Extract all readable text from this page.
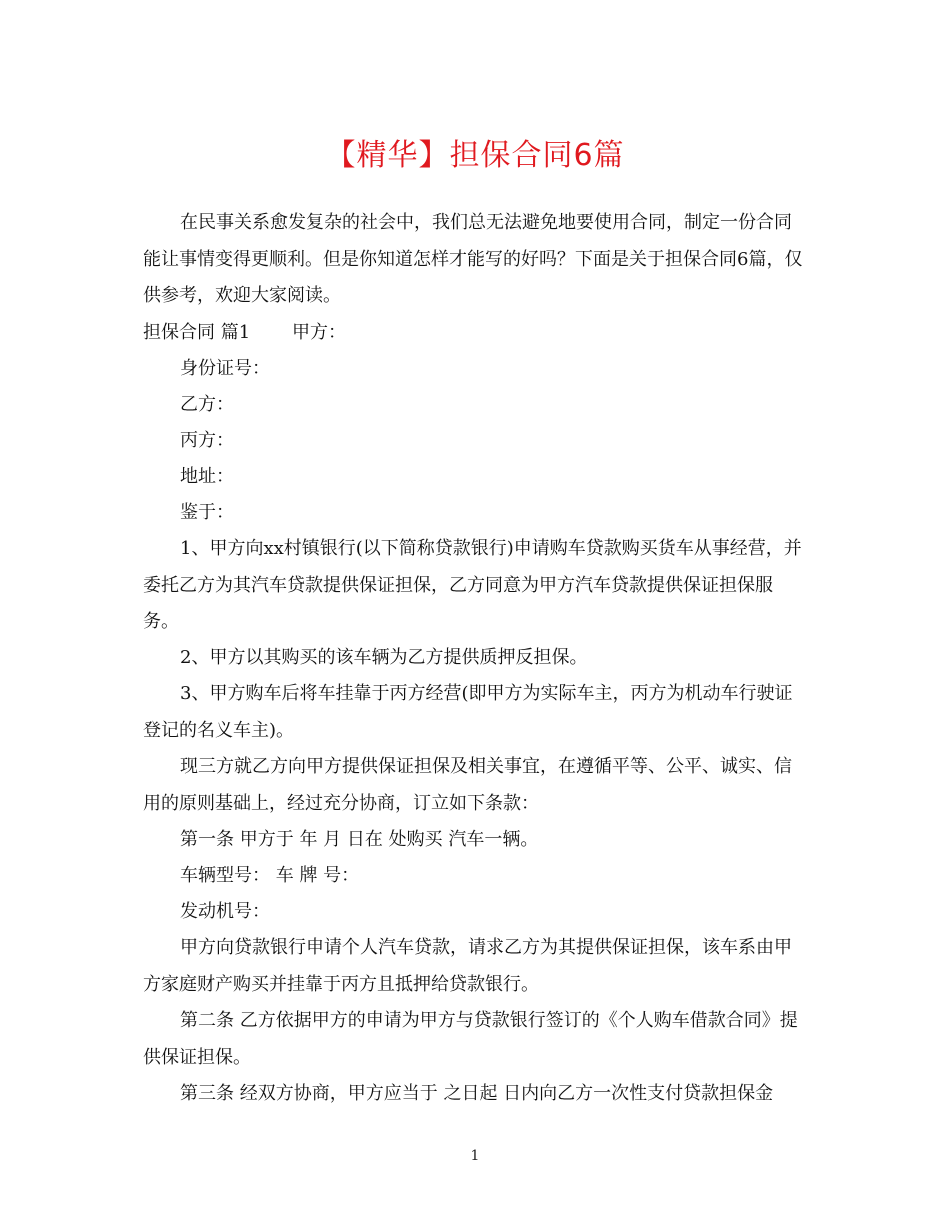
【精华】担保合同6篇

在民事关系愈发复杂的社会中，我们总无法避免地要使用合同，制定一份合同能让事情变得更顺利。但是你知道怎样才能写的好吗？下面是关于担保合同6篇，仅供参考，欢迎大家阅读。

担保合同 篇1 甲方：
身份证号：
乙方：
丙方：
地址：
鉴于：

1、甲方向xx村镇银行(以下简称贷款银行)申请购车贷款购买货车从事经营，并委托乙方为其汽车贷款提供保证担保，乙方同意为甲方汽车贷款提供保证担保服务。

2、甲方以其购买的该车辆为乙方提供质押反担保。

3、甲方购车后将车挂靠于丙方经营(即甲方为实际车主，丙方为机动车行驶证登记的名义车主)。

现三方就乙方向甲方提供保证担保及相关事宜，在遵循平等、公平、诚实、信用的原则基础上，经过充分协商，订立如下条款：

第一条 甲方于 年 月 日在 处购买 汽车一辆。
车辆型号： 车 牌 号：
发动机号：

甲方向贷款银行申请个人汽车贷款，请求乙方为其提供保证担保，该车系由甲方家庭财产购买并挂靠于丙方且抵押给贷款银行。

第二条 乙方依据甲方的申请为甲方与贷款银行签订的《个人购车借款合同》提供保证担保。

第三条 经双方协商，甲方应当于 之日起 日内向乙方一次性支付贷款担保金

1
